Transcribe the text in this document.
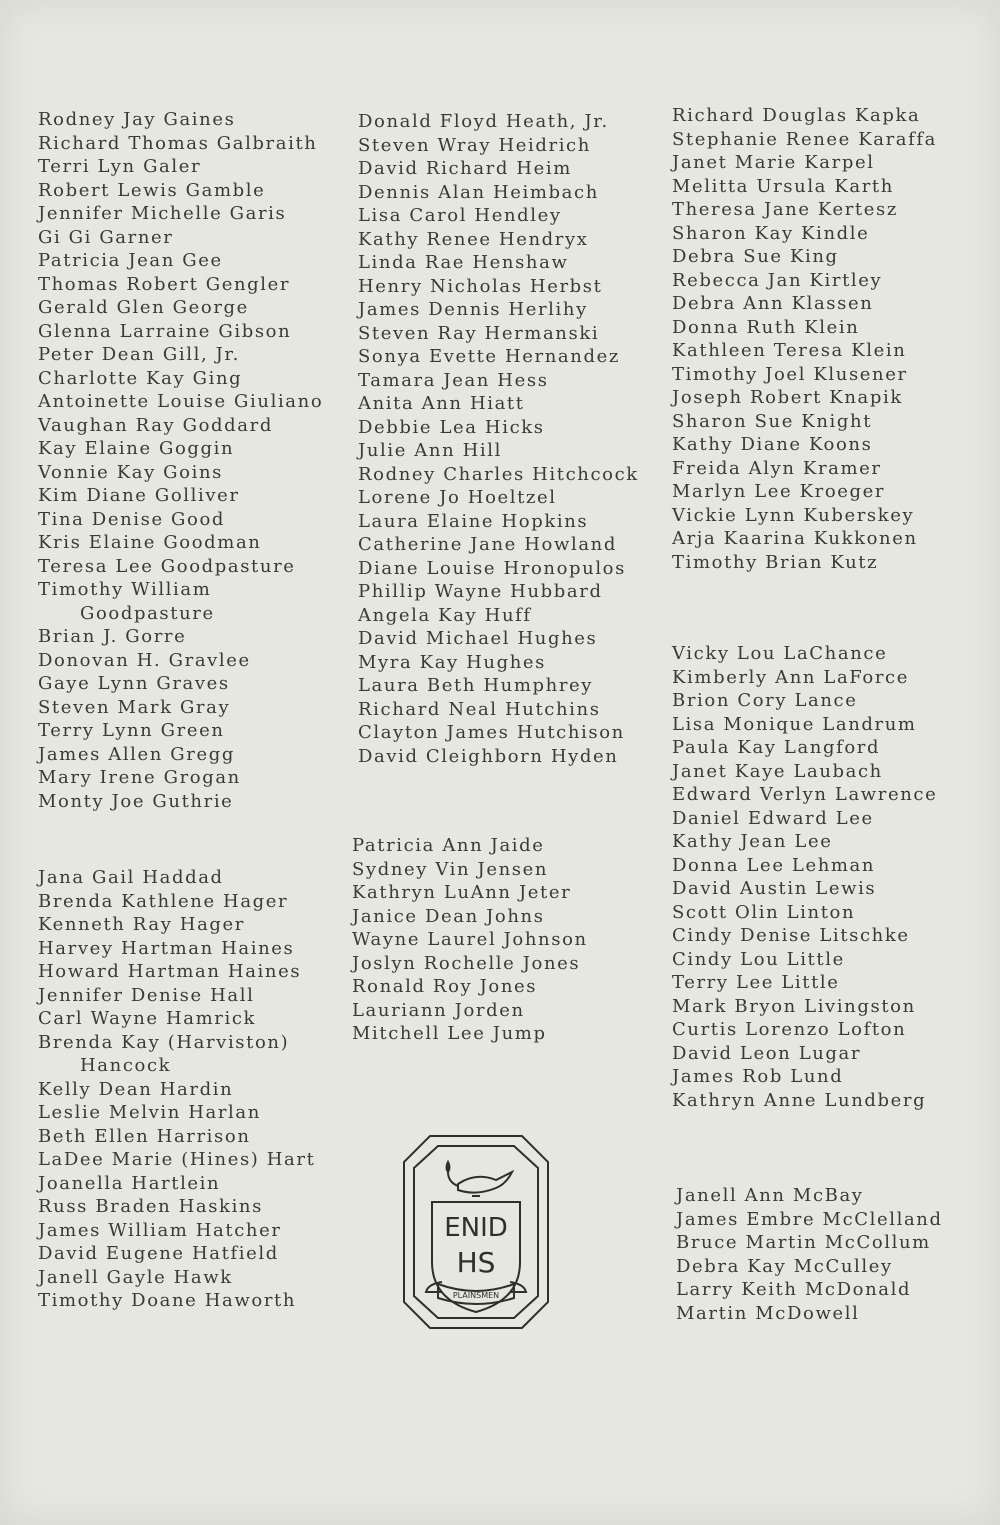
Rodney Jay Gaines
Richard Thomas Galbraith
Terri Lyn Galer
Robert Lewis Gamble
Jennifer Michelle Garis
Gi Gi Garner
Patricia Jean Gee
Thomas Robert Gengler
Gerald Glen George
Glenna Larraine Gibson
Peter Dean Gill, Jr.
Charlotte Kay Ging
Antoinette Louise Giuliano
Vaughan Ray Goddard
Kay Elaine Goggin
Vonnie Kay Goins
Kim Diane Golliver
Tina Denise Good
Kris Elaine Goodman
Teresa Lee Goodpasture
Timothy William
Goodpasture
Brian J. Gorre
Donovan H. Gravlee
Gaye Lynn Graves
Steven Mark Gray
Terry Lynn Green
James Allen Gregg
Mary Irene Grogan
Monty Joe Guthrie
Jana Gail Haddad
Brenda Kathlene Hager
Kenneth Ray Hager
Harvey Hartman Haines
Howard Hartman Haines
Jennifer Denise Hall
Carl Wayne Hamrick
Brenda Kay (Harviston)
Hancock
Kelly Dean Hardin
Leslie Melvin Harlan
Beth Ellen Harrison
LaDee Marie (Hines) Hart
Joanella Hartlein
Russ Braden Haskins
James William Hatcher
David Eugene Hatfield
Janell Gayle Hawk
Timothy Doane Haworth
Donald Floyd Heath, Jr.
Steven Wray Heidrich
David Richard Heim
Dennis Alan Heimbach
Lisa Carol Hendley
Kathy Renee Hendryx
Linda Rae Henshaw
Henry Nicholas Herbst
James Dennis Herlihy
Steven Ray Hermanski
Sonya Evette Hernandez
Tamara Jean Hess
Anita Ann Hiatt
Debbie Lea Hicks
Julie Ann Hill
Rodney Charles Hitchcock
Lorene Jo Hoeltzel
Laura Elaine Hopkins
Catherine Jane Howland
Diane Louise Hronopulos
Phillip Wayne Hubbard
Angela Kay Huff
David Michael Hughes
Myra Kay Hughes
Laura Beth Humphrey
Richard Neal Hutchins
Clayton James Hutchison
David Cleighborn Hyden
Patricia Ann Jaide
Sydney Vin Jensen
Kathryn LuAnn Jeter
Janice Dean Johns
Wayne Laurel Johnson
Joslyn Rochelle Jones
Ronald Roy Jones
Lauriann Jorden
Mitchell Lee Jump
Richard Douglas Kapka
Stephanie Renee Karaffa
Janet Marie Karpel
Melitta Ursula Karth
Theresa Jane Kertesz
Sharon Kay Kindle
Debra Sue King
Rebecca Jan Kirtley
Debra Ann Klassen
Donna Ruth Klein
Kathleen Teresa Klein
Timothy Joel Klusener
Joseph Robert Knapik
Sharon Sue Knight
Kathy Diane Koons
Freida Alyn Kramer
Marlyn Lee Kroeger
Vickie Lynn Kuberskey
Arja Kaarina Kukkonen
Timothy Brian Kutz
Vicky Lou LaChance
Kimberly Ann LaForce
Brion Cory Lance
Lisa Monique Landrum
Paula Kay Langford
Janet Kaye Laubach
Edward Verlyn Lawrence
Daniel Edward Lee
Kathy Jean Lee
Donna Lee Lehman
David Austin Lewis
Scott Olin Linton
Cindy Denise Litschke
Cindy Lou Little
Terry Lee Little
Mark Bryon Livingston
Curtis Lorenzo Lofton
David Leon Lugar
James Rob Lund
Kathryn Anne Lundberg
Janell Ann McBay
James Embre McClelland
Bruce Martin McCollum
Debra Kay McCulley
Larry Keith McDonald
Martin McDowell
ENID
HS
PLAINSMEN
